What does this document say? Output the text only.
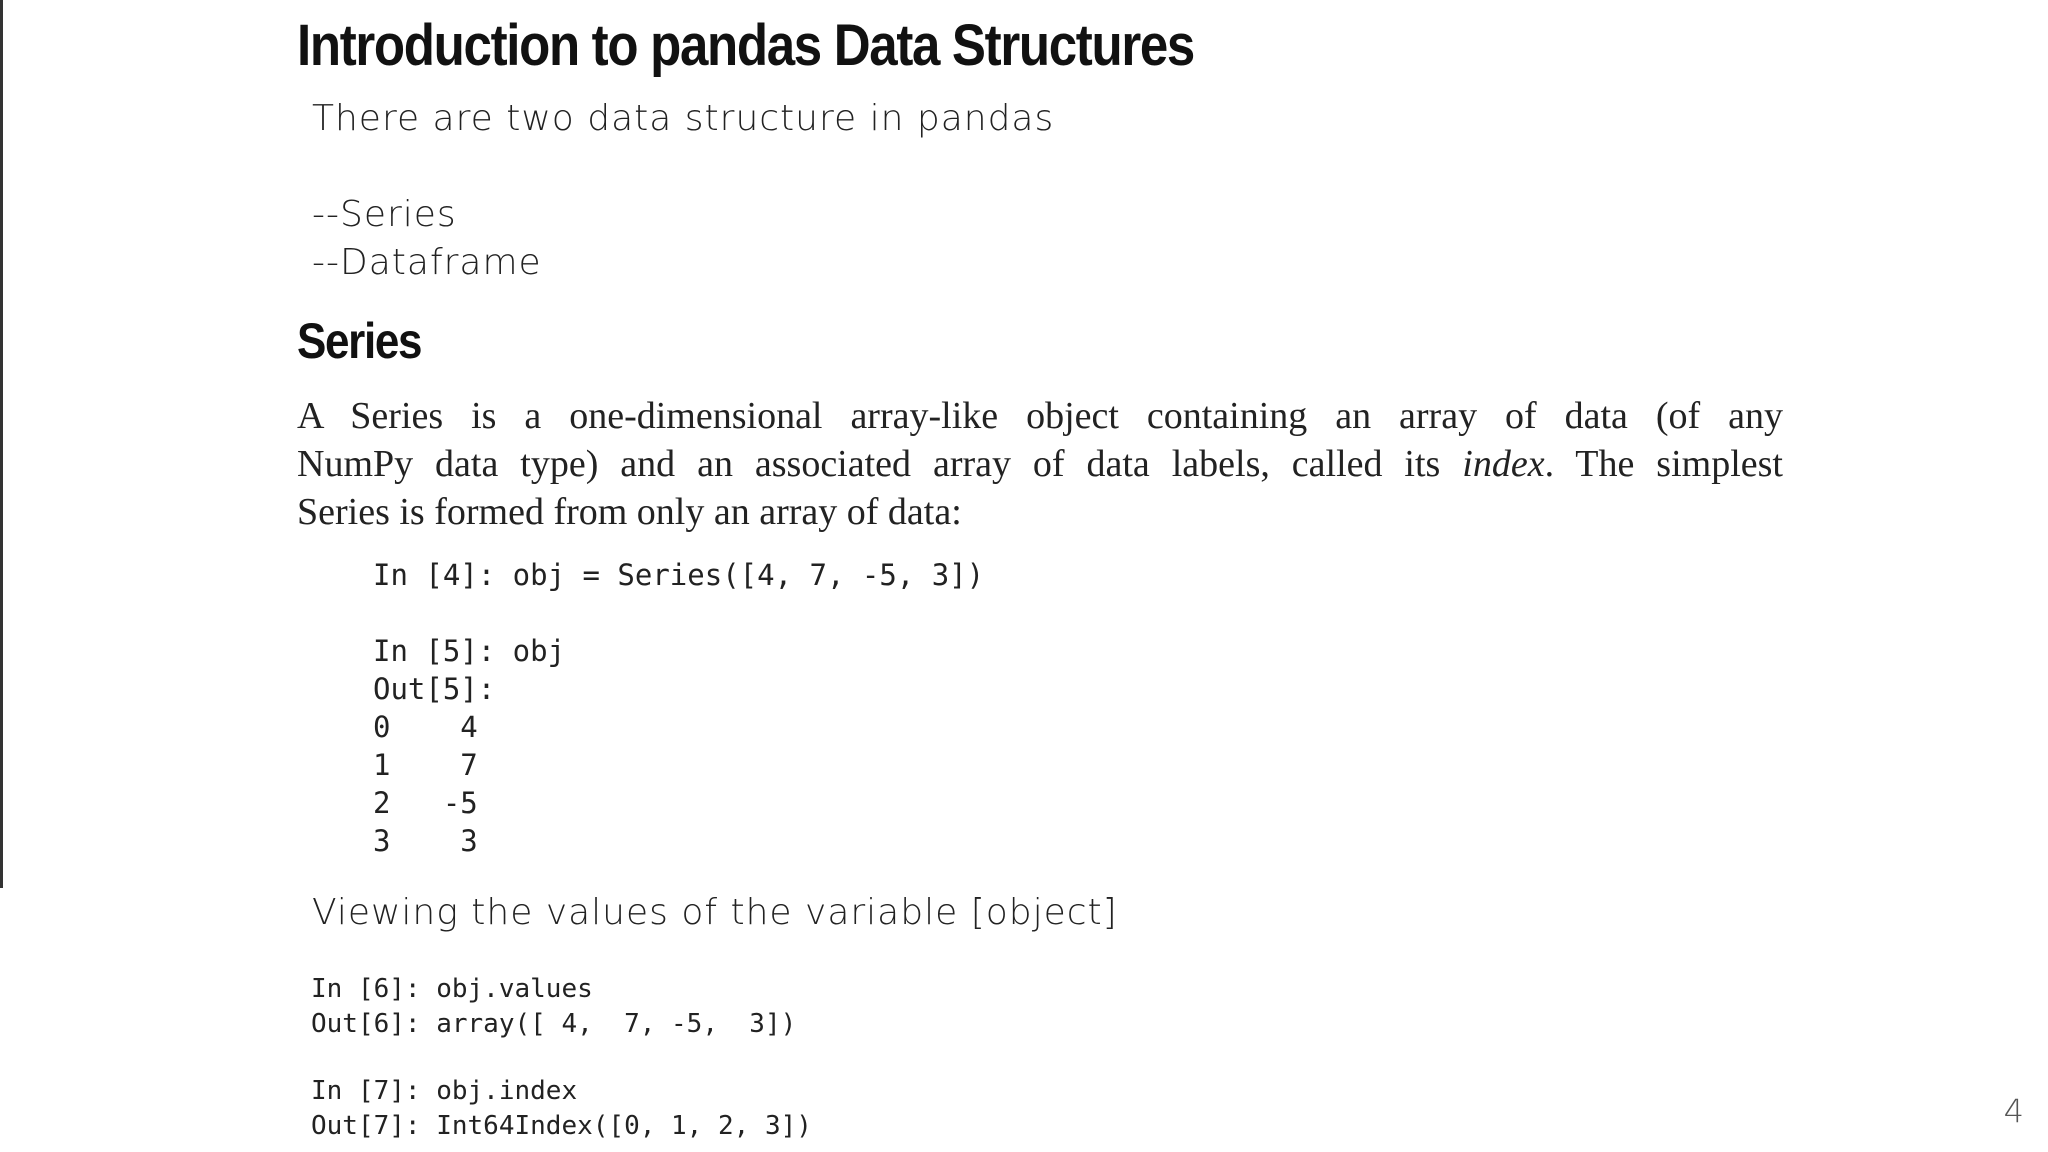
Introduction to pandas Data Structures

There are two data structure in pandas

--Series

--Dataframe

Series

A Series is a one-dimensional array-like object containing an array of data (of any
NumPy data type) and an associated array of data labels, called its index. The simplest
Series is formed from only an array of data:

In [4]: obj = Series([4, 7, -5, 3])
In [5]: obj
Out[5]:
0    4
1    7
2   -5
3    3

Viewing the values of the variable [object]

In [6]: obj.values
Out[6]: array([ 4,  7, -5,  3])
In [7]: obj.index
Out[7]: Int64Index([0, 1, 2, 3])	4
